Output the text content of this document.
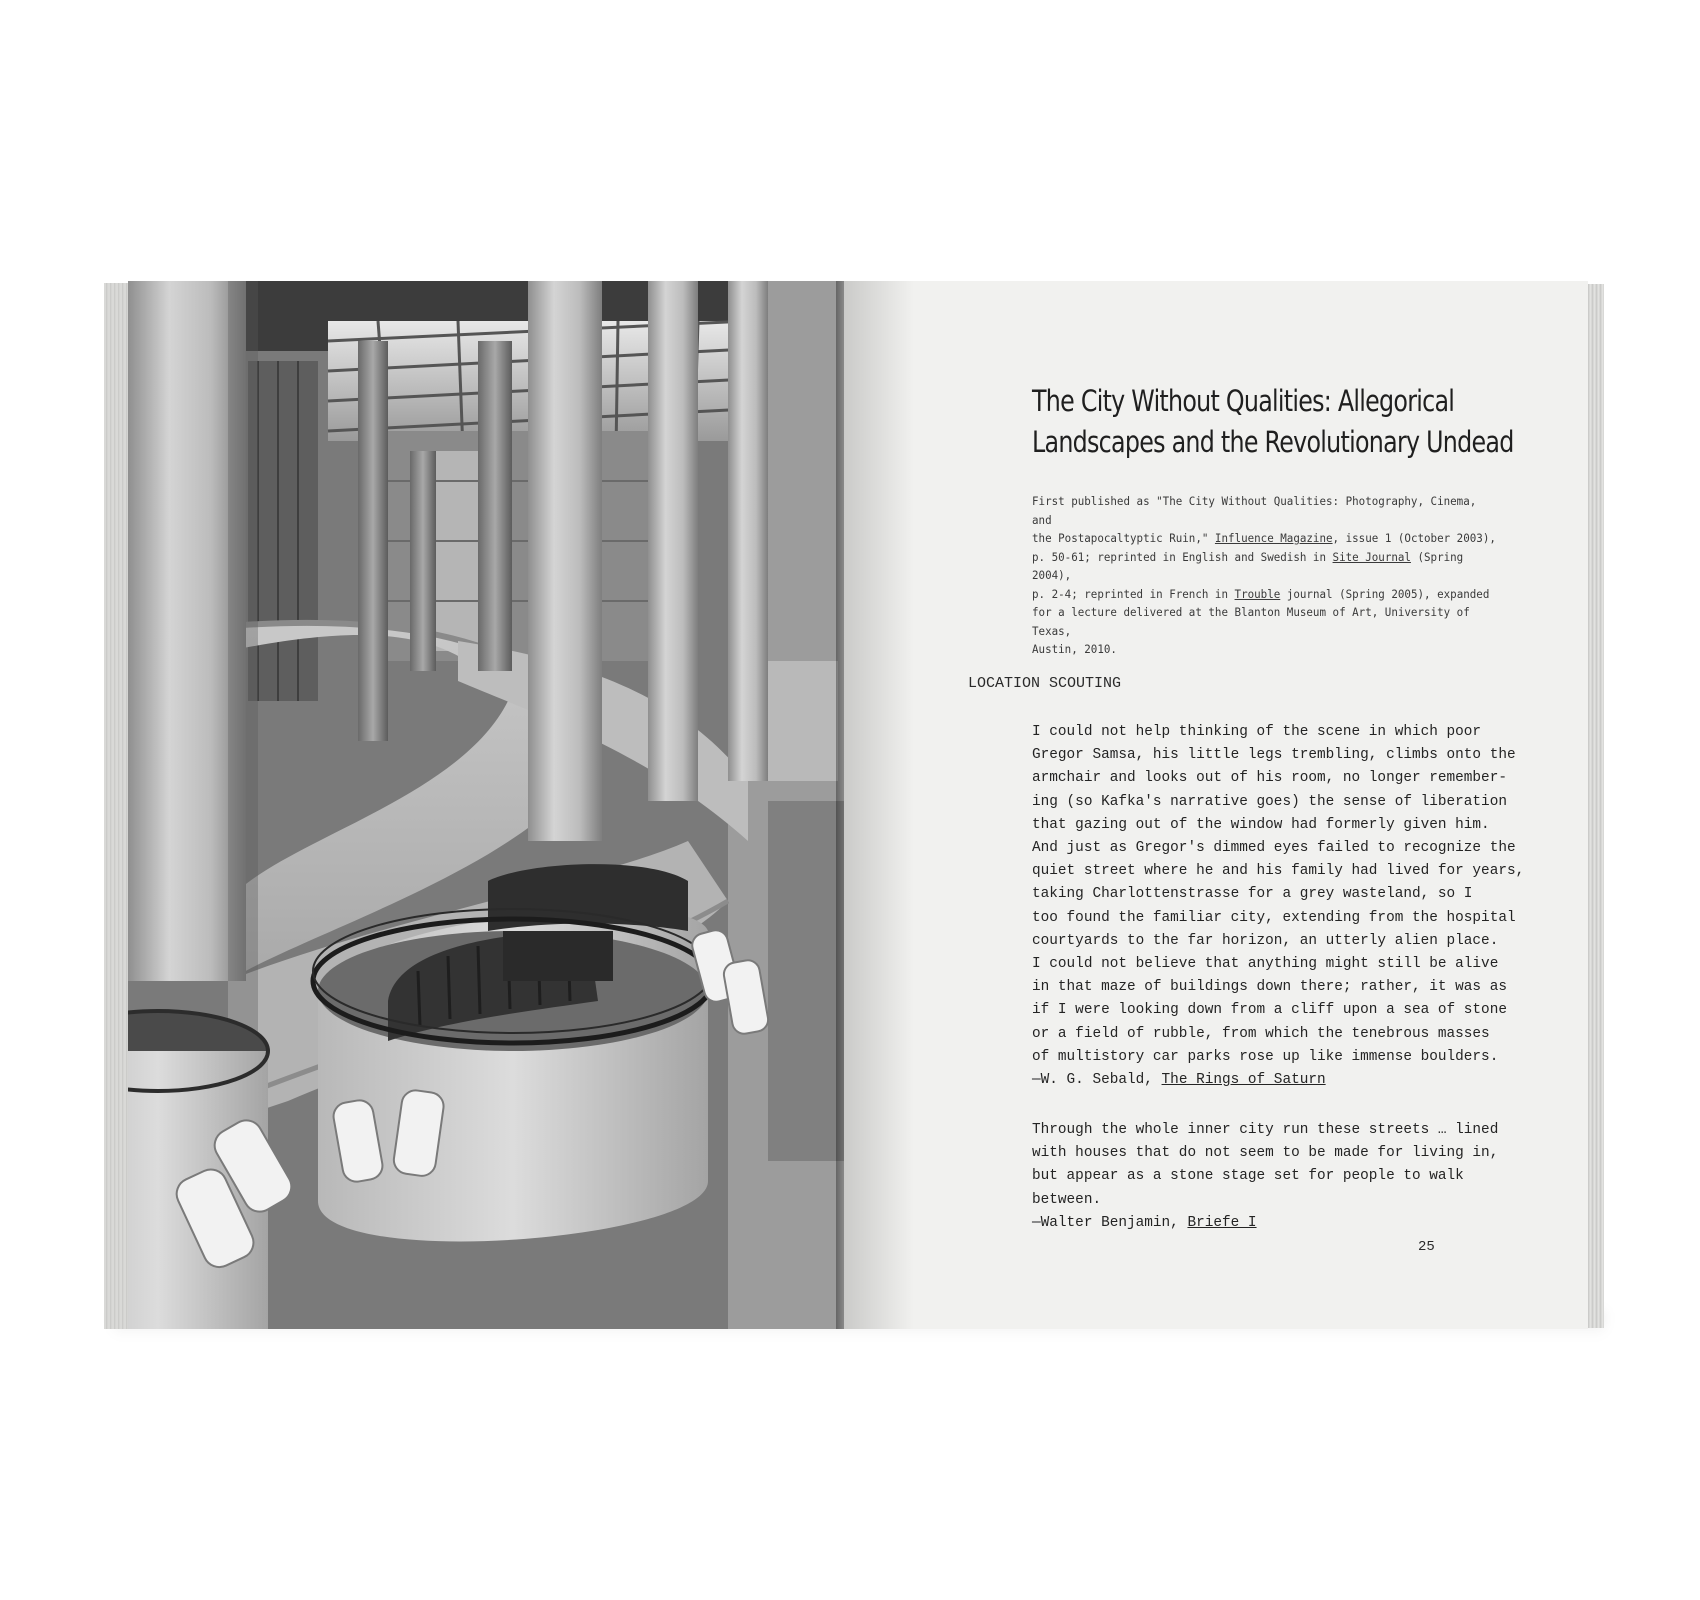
The City Without Qualities: Allegorical
Landscapes and the Revolutionary Undead

First published as "The City Without Qualities: Photography, Cinema, and
the Postapocaltyptic Ruin," Influence Magazine, issue 1 (October 2003),
p. 50-61; reprinted in English and Swedish in Site Journal (Spring 2004),
p. 2-4; reprinted in French in Trouble journal (Spring 2005), expanded
for a lecture delivered at the Blanton Museum of Art, University of Texas,
Austin, 2010.

LOCATION SCOUTING

I could not help thinking of the scene in which poor
Gregor Samsa, his little legs trembling, climbs onto the
armchair and looks out of his room, no longer remember-
ing (so Kafka's narrative goes) the sense of liberation
that gazing out of the window had formerly given him.
And just as Gregor's dimmed eyes failed to recognize the
quiet street where he and his family had lived for years,
taking Charlottenstrasse for a grey wasteland, so I
too found the familiar city, extending from the hospital
courtyards to the far horizon, an utterly alien place.
I could not believe that anything might still be alive
in that maze of buildings down there; rather, it was as
if I were looking down from a cliff upon a sea of stone
or a field of rubble, from which the tenebrous masses
of multistory car parks rose up like immense boulders.
—W. G. Sebald, The Rings of Saturn
Through the whole inner city run these streets … lined
with houses that do not seem to be made for living in,
but appear as a stone stage set for people to walk
between.
—Walter Benjamin, Briefe I
25
